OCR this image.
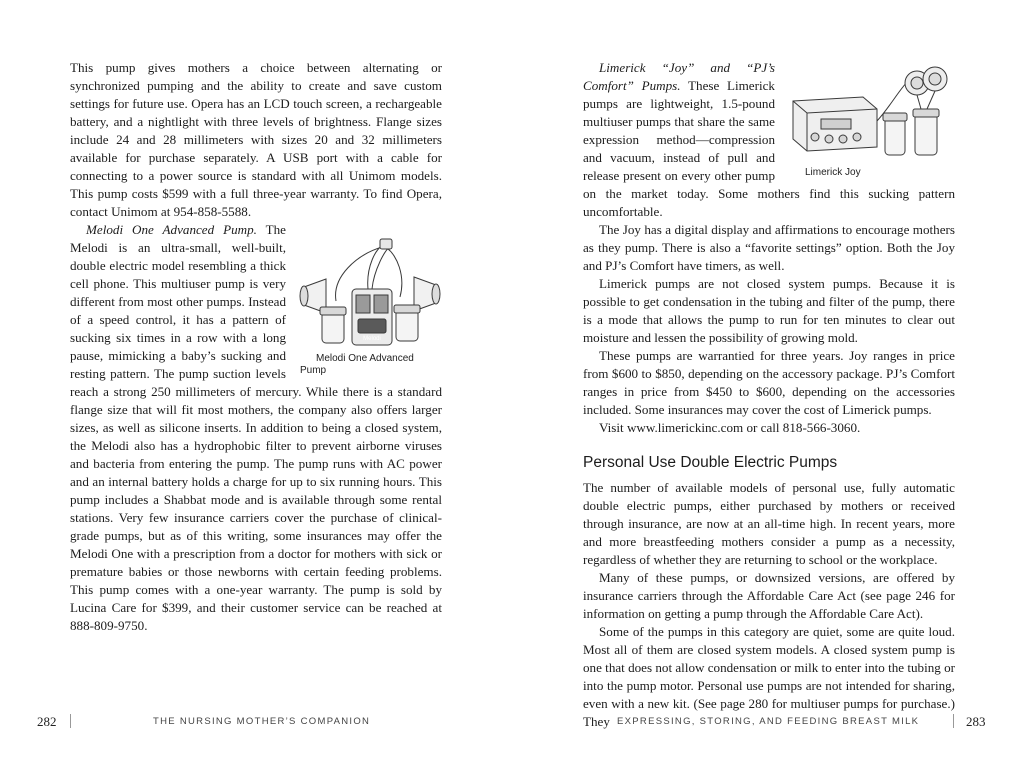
This pump gives mothers a choice between alternating or synchronized pumping and the ability to create and save custom settings for future use. Opera has an LCD touch screen, a rechargeable battery, and a nightlight with three levels of brightness. Flange sizes include 24 and 28 millimeters with sizes 20 and 32 millimeters available for purchase separately. A USB port with a cable for connecting to a power source is standard with all Unimom models. This pump costs $599 with a full three-year warranty. To find Opera, contact Unimom at 954-858-5588.

Melodi
Melodi One Advanced Pump
Melodi One Advanced Pump. The Melodi is an ultra-small, well-built, double electric model resembling a thick cell phone. This multiuser pump is very different from most other pumps. Instead of a speed control, it has a pattern of sucking six times in a row with a long pause, mimicking a baby’s sucking and resting pattern. The pump suction levels reach a strong 250 millimeters of mercury. While there is a standard flange size that will fit most mothers, the company also offers larger sizes, as well as silicone inserts. In addition to being a closed system, the Melodi also has a hydrophobic filter to prevent airborne viruses and bacteria from entering the pump. The pump runs with AC power and an internal battery holds a charge for up to six running hours. This pump includes a Shabbat mode and is available through some rental stations. Very few insurance carriers cover the purchase of clinical-grade pumps, but as of this writing, some insurances may offer the Melodi One with a prescription from a doctor for mothers with sick or premature babies or those newborns with certain feeding problems. This pump comes with a one-year warranty. The pump is sold by Lucina Care for $399, and their customer service can be reached at 888-809-9750.

282	THE NURSING MOTHER’S COMPANION

Limerick Joy
Limerick “Joy” and “PJ’s Comfort” Pumps. These Limerick pumps are lightweight, 1.5-pound multiuser pumps that share the same expression method—compression and vacuum, instead of pull and release present on every other pump on the market today. Some mothers find this sucking pattern uncomfortable.

The Joy has a digital display and affirmations to encourage mothers as they pump. There is also a “favorite settings” option. Both the Joy and PJ’s Comfort have timers, as well.

Limerick pumps are not closed system pumps. Because it is possible to get condensation in the tubing and filter of the pump, there is a mode that allows the pump to run for ten minutes to clear out moisture and lessen the possibility of growing mold.

These pumps are warrantied for three years. Joy ranges in price from $600 to $850, depending on the accessory package. PJ’s Comfort ranges in price from $450 to $600, depending on the accessories included. Some insurances may cover the cost of Limerick pumps.

Visit www.limerickinc.com or call 818-566-3060.

Personal Use Double Electric Pumps

The number of available models of personal use, fully automatic double electric pumps, either purchased by mothers or received through insurance, are now at an all-time high. In recent years, more and more breastfeeding mothers consider a pump as a necessity, regardless of whether they are returning to school or the workplace.

Many of these pumps, or downsized versions, are offered by insurance carriers through the Affordable Care Act (see page 246 for information on getting a pump through the Affordable Care Act).

Some of the pumps in this category are quiet, some are quite loud. Most all of them are closed system models. A closed system pump is one that does not allow condensation or milk to enter into the tubing or into the pump motor. Personal use pumps are not intended for sharing, even with a new kit. (See page 280 for multiuser pumps for purchase.) They EXPRESSING, STORING, AND FEEDING BREAST MILK	283
